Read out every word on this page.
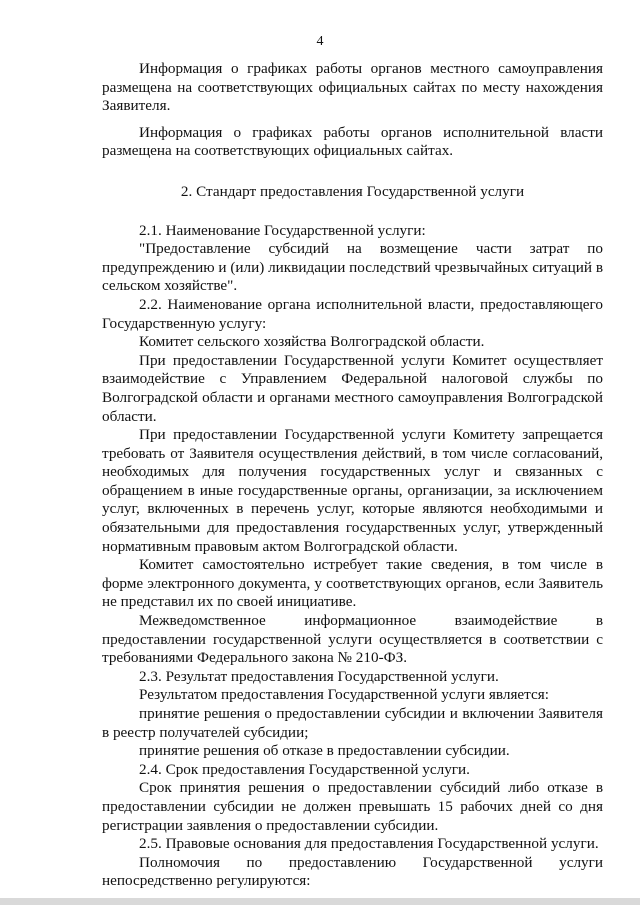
4

Информация о графиках работы органов местного самоуправления размещена на соответствующих официальных сайтах по месту нахождения Заявителя.

Информация о графиках работы органов исполнительной власти размещена на соответствующих официальных сайтах.

2. Стандарт предоставления Государственной услуги

2.1. Наименование Государственной услуги:

"Предоставление субсидий на возмещение части затрат по предупреждению и (или) ликвидации последствий чрезвычайных ситуаций в сельском хозяйстве".

2.2. Наименование органа исполнительной власти, предоставляющего Государственную услугу:

Комитет сельского хозяйства Волгоградской области.

При предоставлении Государственной услуги Комитет осуществляет взаимодействие с Управлением Федеральной налоговой службы по Волгоградской области и органами местного самоуправления Волгоградской области.

При предоставлении Государственной услуги Комитету запрещается требовать от Заявителя осуществления действий, в том числе согласований, необходимых для получения государственных услуг и связанных с обращением в иные государственные органы, организации, за исключением услуг, включенных в перечень услуг, которые являются необходимыми и обязательными для предоставления государственных услуг, утвержденный нормативным правовым актом Волгоградской области.

Комитет самостоятельно истребует такие сведения, в том числе в форме электронного документа, у соответствующих органов, если Заявитель не представил их по своей инициативе.

Межведомственное информационное взаимодействие в предоставлении государственной услуги осуществляется в соответствии с требованиями Федерального закона № 210-ФЗ.

2.3. Результат предоставления Государственной услуги.

Результатом предоставления Государственной услуги является:

принятие решения о предоставлении субсидии и включении Заявителя в реестр получателей субсидии;

принятие решения об отказе в предоставлении субсидии.

2.4. Срок предоставления Государственной услуги.

Срок принятия решения о предоставлении субсидий либо отказе в предоставлении субсидии не должен превышать 15 рабочих дней со дня регистрации заявления о предоставлении субсидии.

2.5. Правовые основания для предоставления Государственной услуги.

Полномочия по предоставлению Государственной услуги непосредственно регулируются:
